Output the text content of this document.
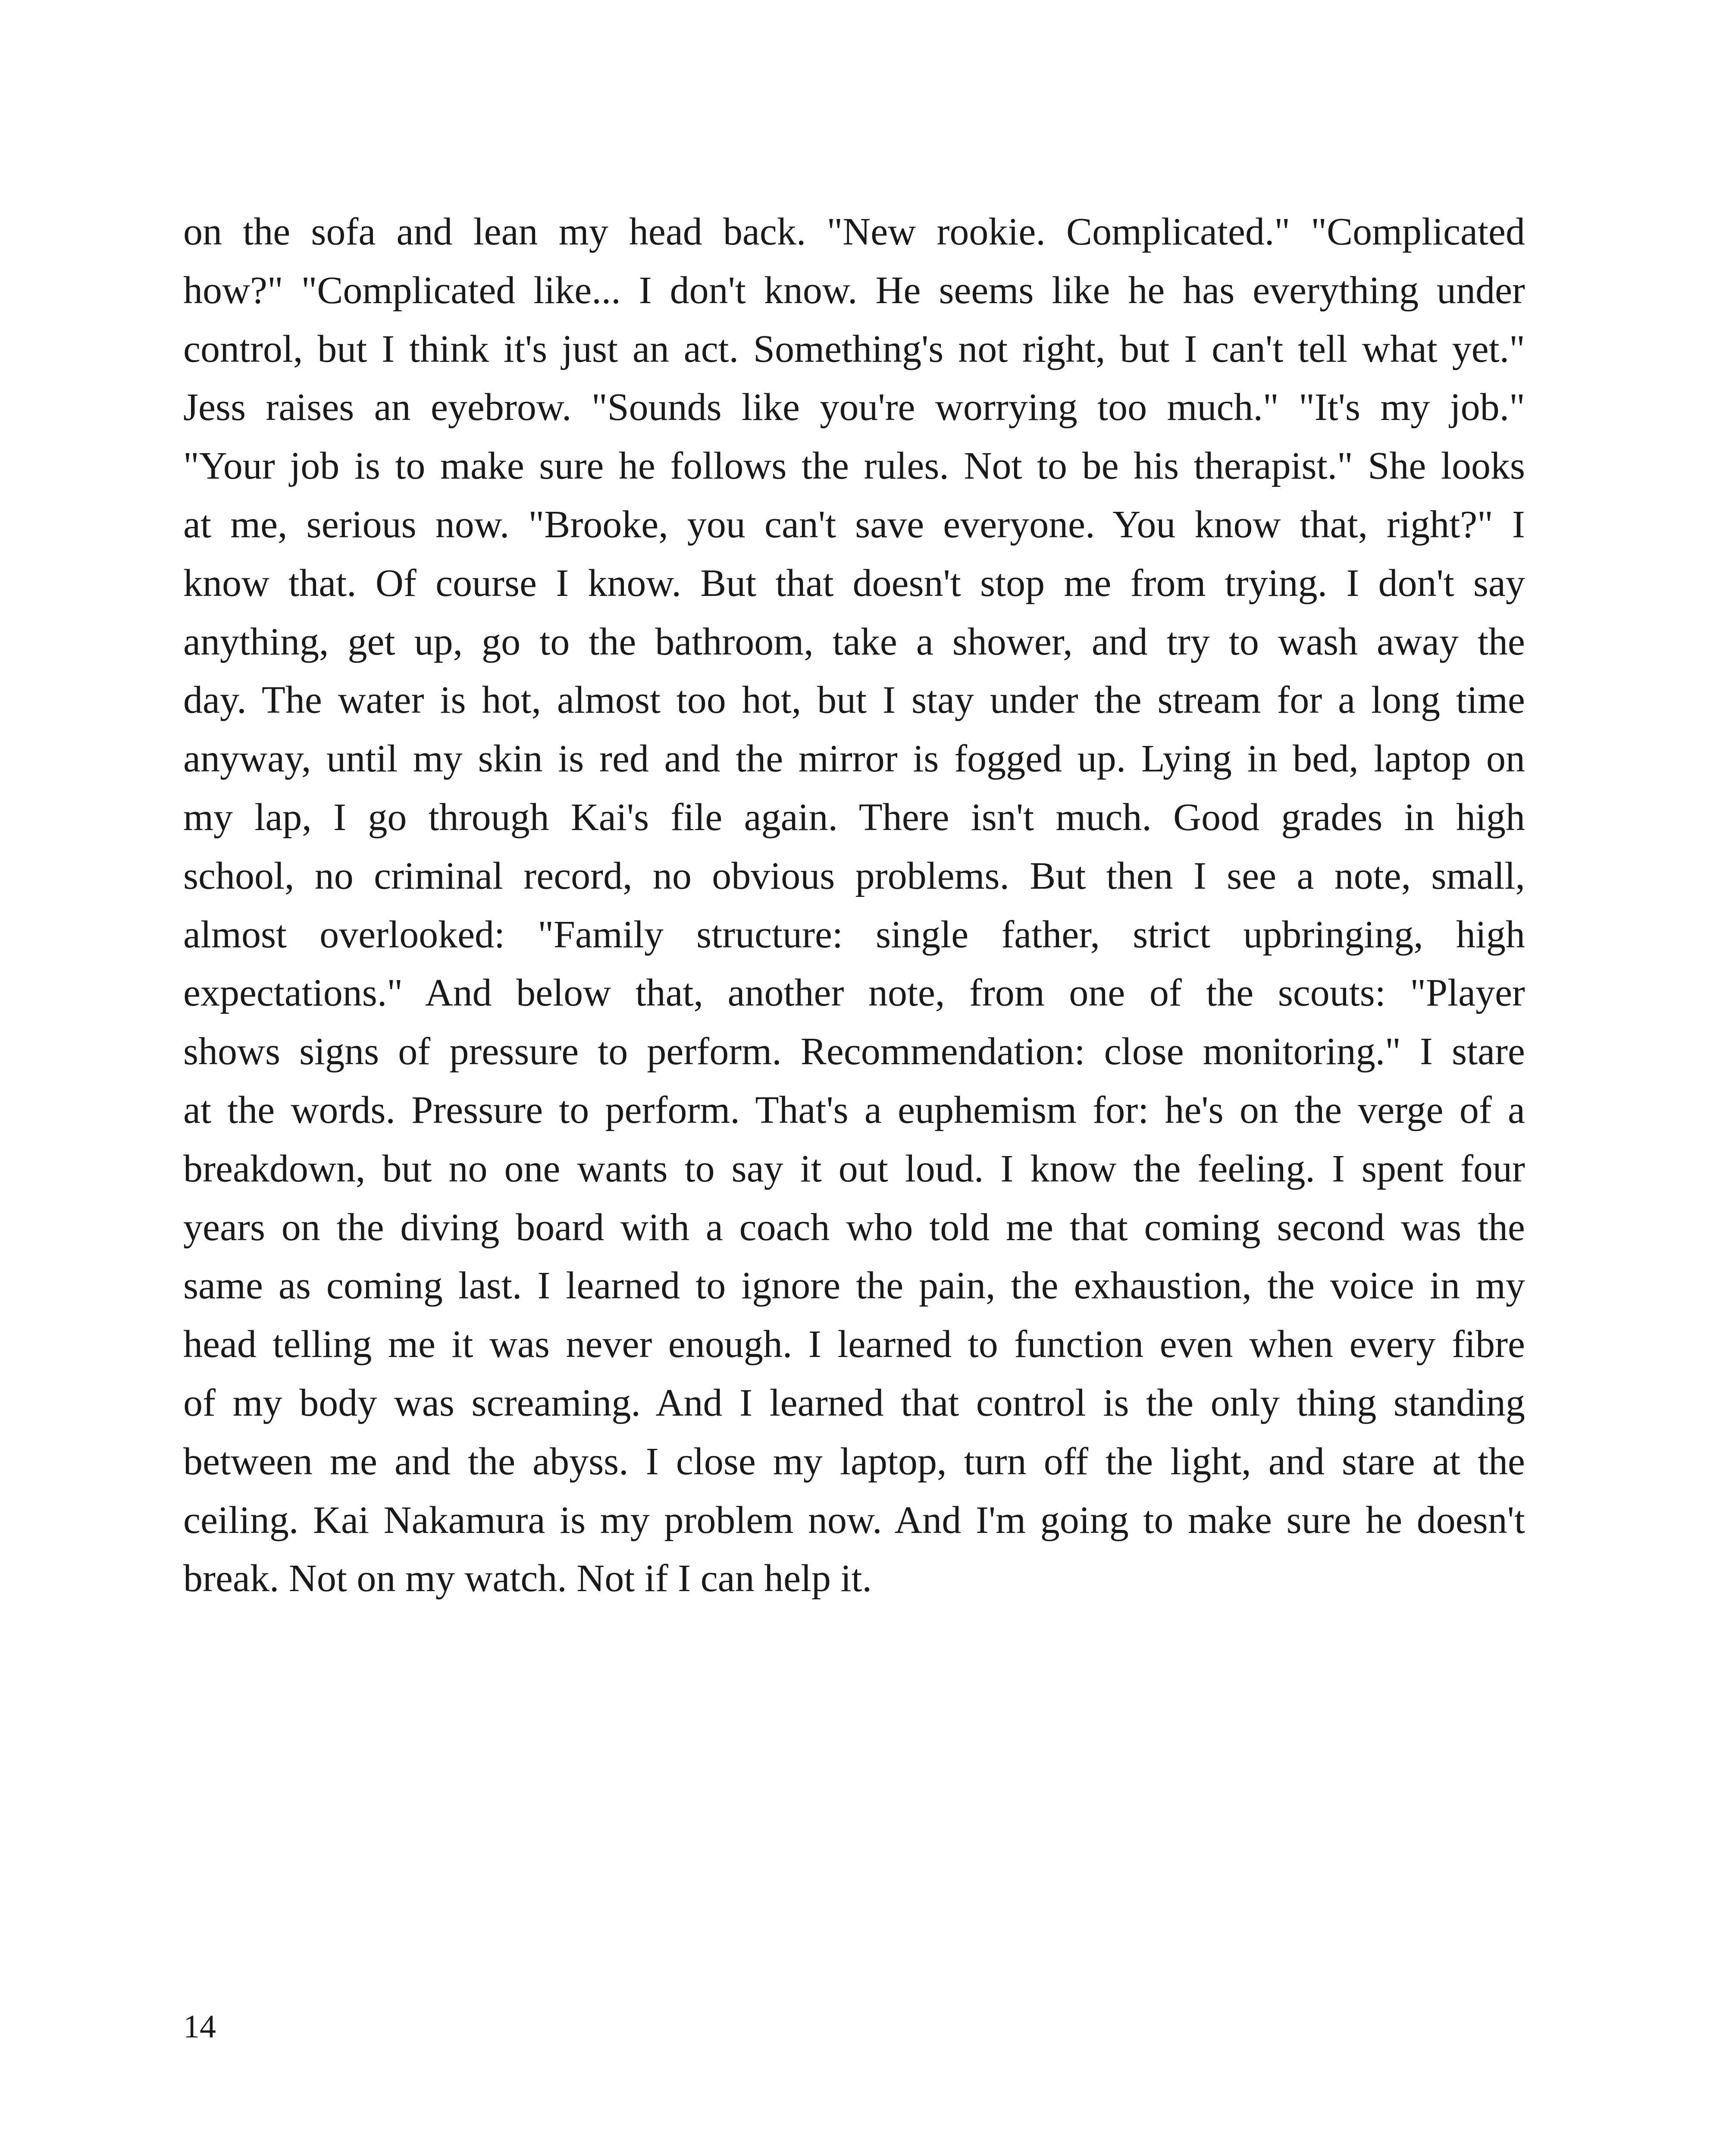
on the sofa and lean my head back. "New rookie. Complicated." "Complicated
how?" "Complicated like... I don't know. He seems like he has everything under
control, but I think it's just an act. Something's not right, but I can't tell what yet."
Jess raises an eyebrow. "Sounds like you're worrying too much." "It's my job."
"Your job is to make sure he follows the rules. Not to be his therapist." She looks
at me, serious now. "Brooke, you can't save everyone. You know that, right?" I
know that. Of course I know. But that doesn't stop me from trying. I don't say
anything, get up, go to the bathroom, take a shower, and try to wash away the
day. The water is hot, almost too hot, but I stay under the stream for a long time
anyway, until my skin is red and the mirror is fogged up. Lying in bed, laptop on
my lap, I go through Kai's file again. There isn't much. Good grades in high
school, no criminal record, no obvious problems. But then I see a note, small,
almost overlooked: "Family structure: single father, strict upbringing, high
expectations." And below that, another note, from one of the scouts: "Player
shows signs of pressure to perform. Recommendation: close monitoring." I stare
at the words. Pressure to perform. That's a euphemism for: he's on the verge of a
breakdown, but no one wants to say it out loud. I know the feeling. I spent four
years on the diving board with a coach who told me that coming second was the
same as coming last. I learned to ignore the pain, the exhaustion, the voice in my
head telling me it was never enough. I learned to function even when every fibre
of my body was screaming. And I learned that control is the only thing standing
between me and the abyss. I close my laptop, turn off the light, and stare at the
ceiling. Kai Nakamura is my problem now. And I'm going to make sure he doesn't
break. Not on my watch. Not if I can help it.
14
